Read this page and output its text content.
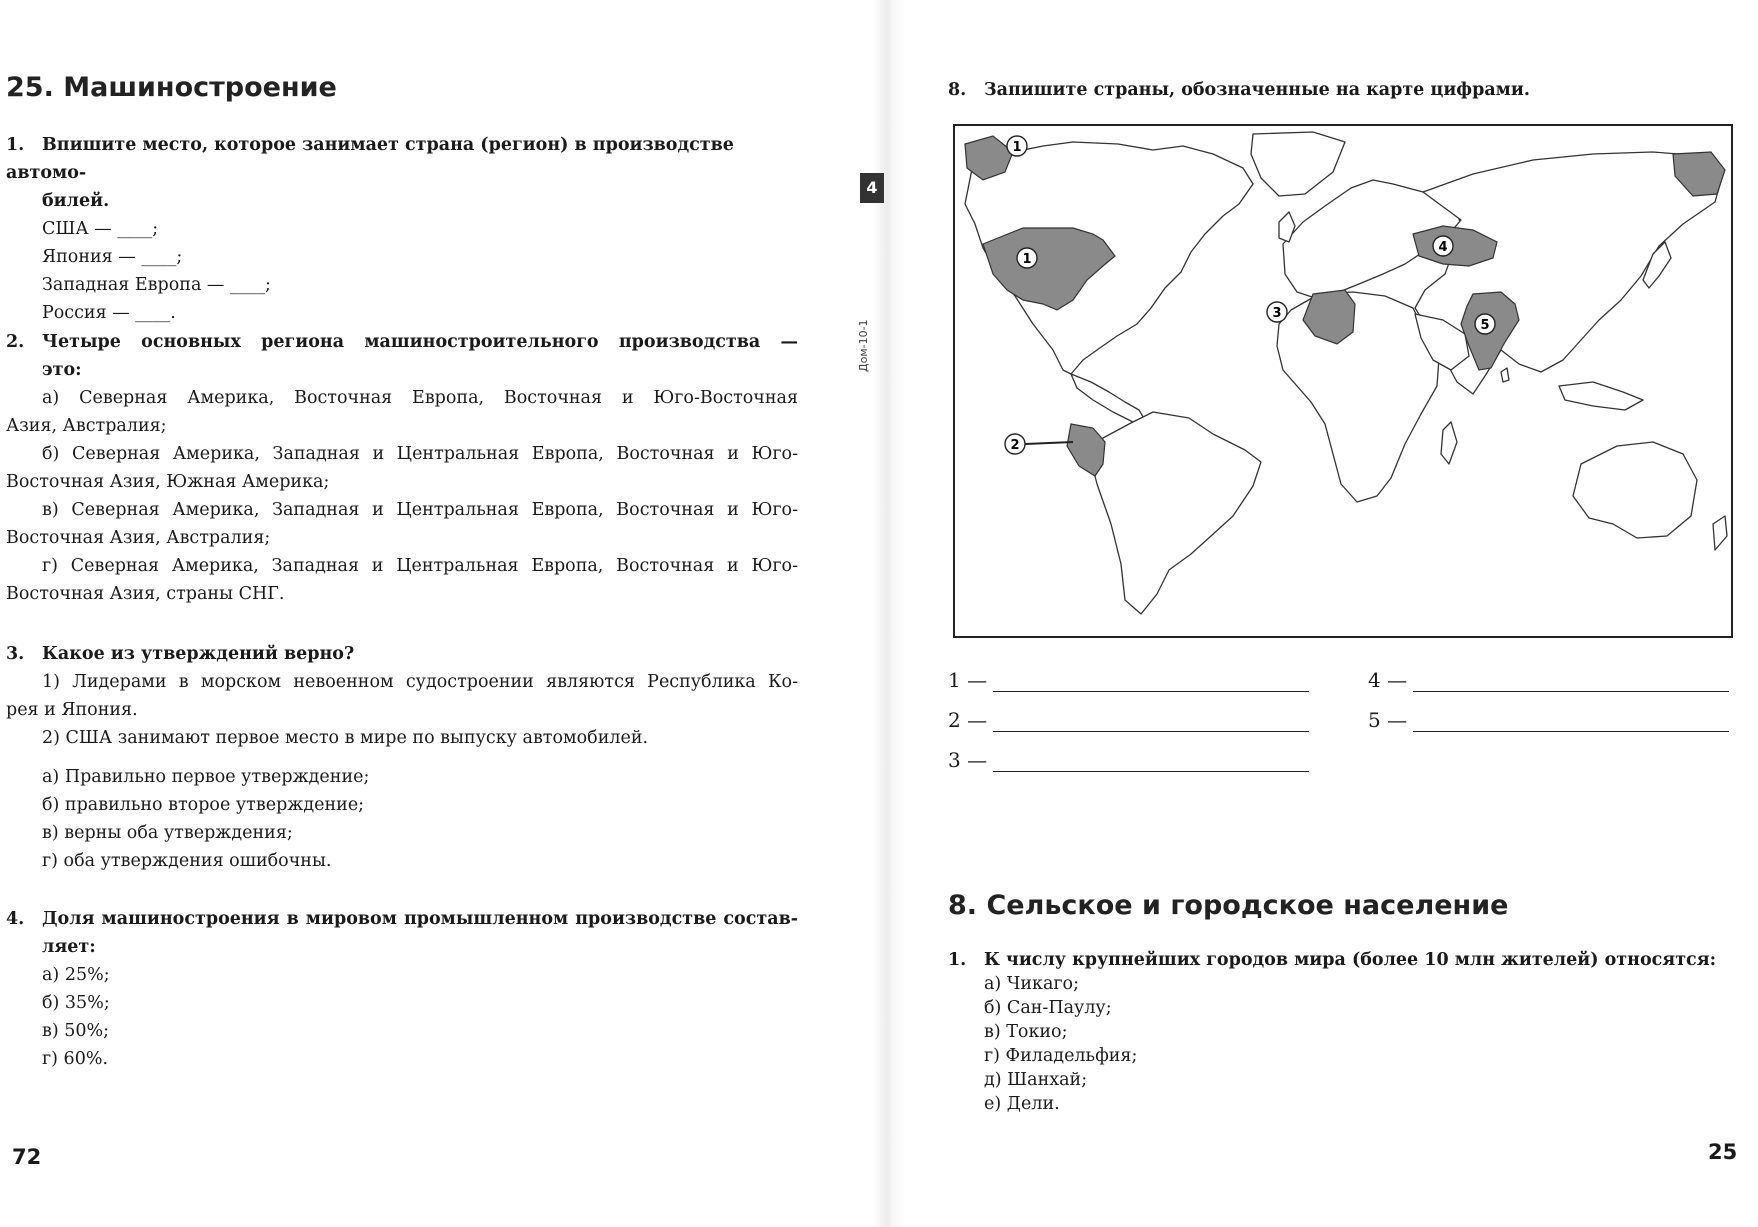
25. Машиностроение
1. Впишите место, которое занимает страна (регион) в производстве автомо-
билей.
США — ____;
Япония — ____;
Западная Европа — ____;
Россия — ____.
2. Четыре основных региона машиностроительного производства —
это:
а) Северная Америка, Восточная Европа, Восточная и Юго-Восточная
Азия, Австралия;
б) Северная Америка, Западная и Центральная Европа, Восточная и Юго-
Восточная Азия, Южная Америка;
в) Северная Америка, Западная и Центральная Европа, Восточная и Юго-
Восточная Азия, Австралия;
г) Северная Америка, Западная и Центральная Европа, Восточная и Юго-
Восточная Азия, страны СНГ.
3. Какое из утверждений верно?
1) Лидерами в морском невоенном судостроении являются Республика Ко-
рея и Япония.
2) США занимают первое место в мире по выпуску автомобилей.
а) Правильно первое утверждение;
б) правильно второе утверждение;
в) верны оба утверждения;
г) оба утверждения ошибочны.
4. Доля машиностроения в мировом промышленном производстве состав-
ляет:
а) 25%;
б) 35%;
в) 50%;
г) 60%.
72
4
Дом-10-1
8. Запишите страны, обозначенные на карте цифрами.
1
1
2
3
4
5
1 —
2 —
3 —
4 —
5 —
8. Сельское и городское население
1. К числу крупнейших городов мира (более 10 млн жителей) относятся:
а) Чикаго;
б) Сан-Паулу;
в) Токио;
г) Филадельфия;
д) Шанхай;
е) Дели.
25
